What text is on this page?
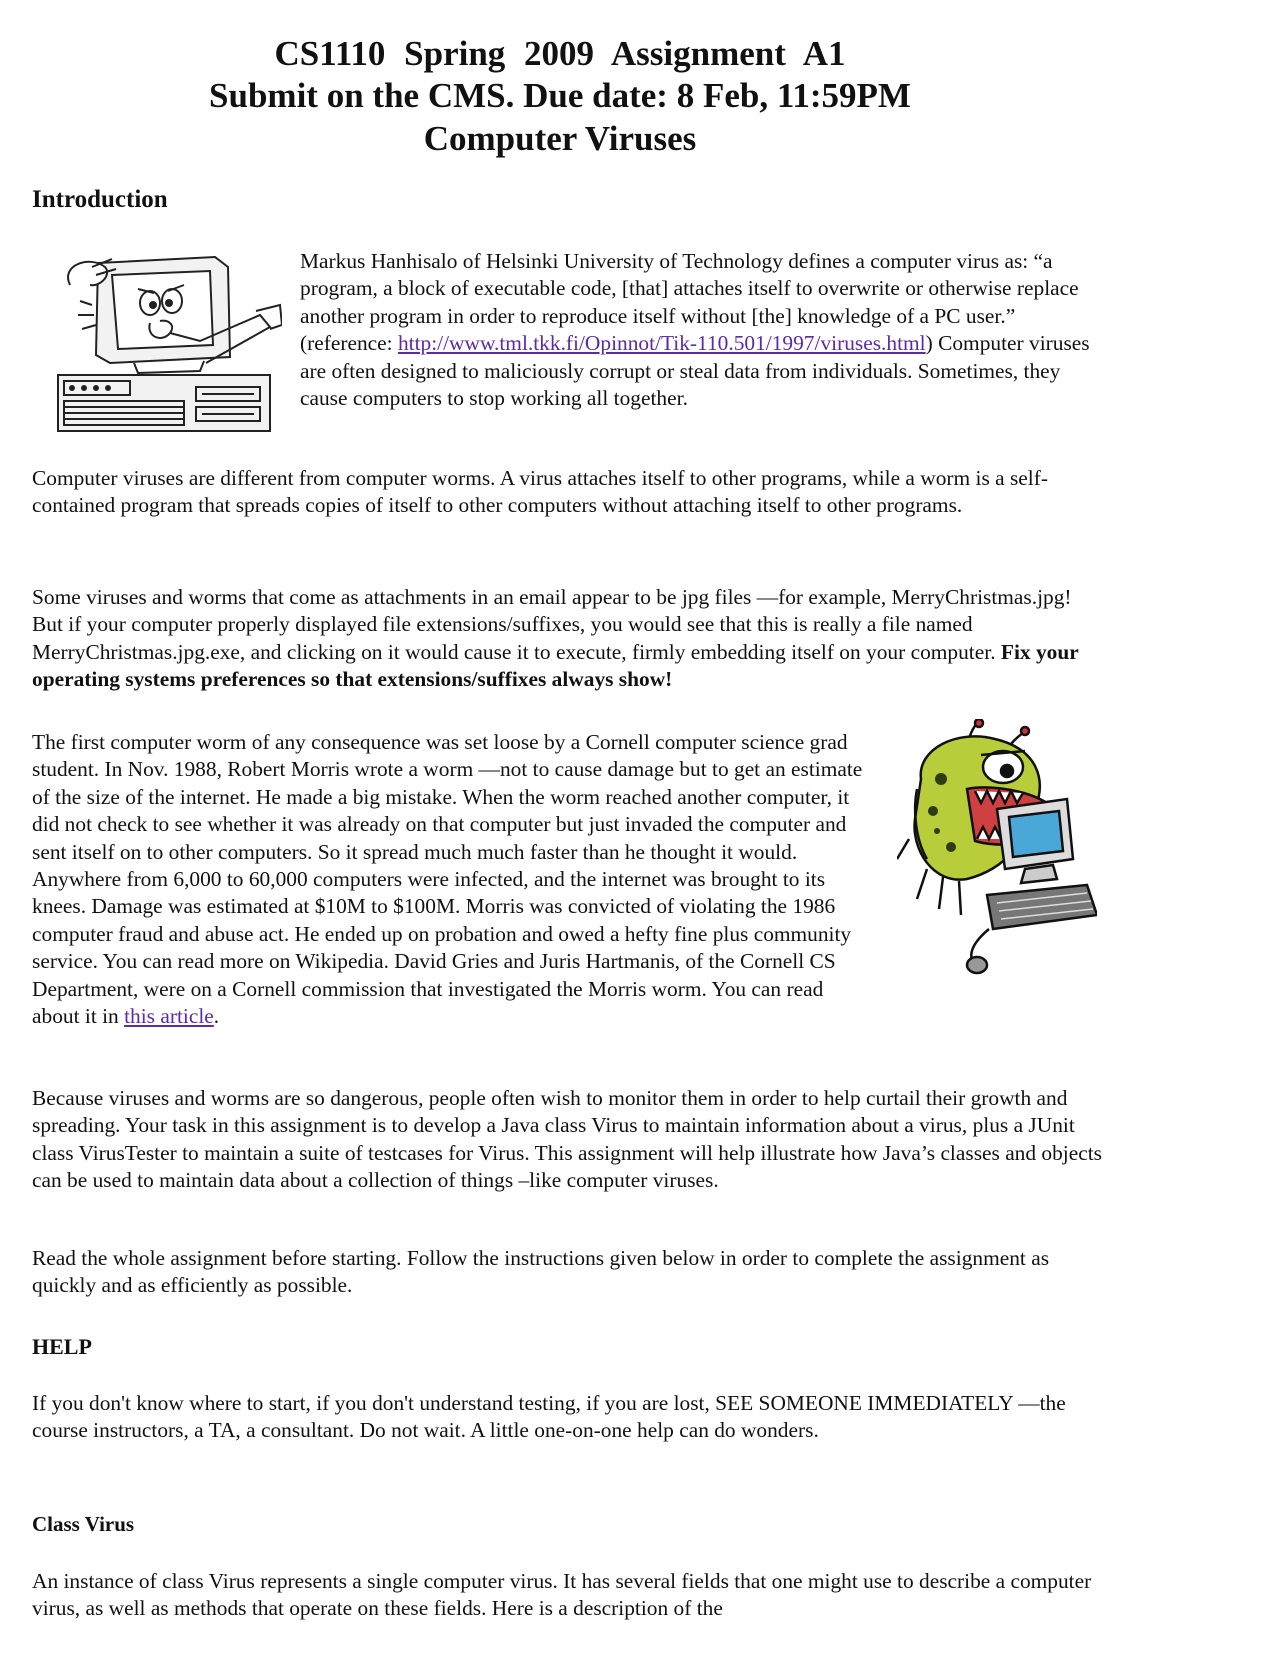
CS1110 Spring 2009 Assignment A1
Submit on the CMS. Due date: 8 Feb, 11:59PM
Computer Viruses
Introduction

Markus Hanhisalo of Helsinki University of Technology defines a computer virus as: “a program, a block of executable code, [that] attaches itself to overwrite or otherwise replace another program in order to reproduce itself without [the] knowledge of a PC user.” (reference: http://www.tml.tkk.fi/Opinnot/Tik-110.501/1997/viruses.html) Computer viruses are often designed to maliciously corrupt or steal data from individuals. Sometimes, they cause computers to stop working all together.

Computer viruses are different from computer worms. A virus attaches itself to other programs, while a worm is a self-contained program that spreads copies of itself to other computers without attaching itself to other programs.

Some viruses and worms that come as attachments in an email appear to be jpg files —for example, MerryChristmas.jpg! But if your computer properly displayed file extensions/suffixes, you would see that this is really a file named MerryChristmas.jpg.exe, and clicking on it would cause it to execute, firmly embedding itself on your computer. Fix your operating systems preferences so that extensions/suffixes always show!

The first computer worm of any consequence was set loose by a Cornell computer science grad student. In Nov. 1988, Robert Morris wrote a worm —not to cause damage but to get an estimate of the size of the internet. He made a big mistake. When the worm reached another computer, it did not check to see whether it was already on that computer but just invaded the computer and sent itself on to other computers. So it spread much much faster than he thought it would. Anywhere from 6,000 to 60,000 computers were infected, and the internet was brought to its knees. Damage was estimated at $10M to $100M. Morris was convicted of violating the 1986 computer fraud and abuse act. He ended up on probation and owed a hefty fine plus community service. You can read more on Wikipedia. David Gries and Juris Hartmanis, of the Cornell CS Department, were on a Cornell commission that investigated the Morris worm. You can read about it in this article.

Because viruses and worms are so dangerous, people often wish to monitor them in order to help curtail their growth and spreading. Your task in this assignment is to develop a Java class Virus to maintain information about a virus, plus a JUnit class VirusTester to maintain a suite of testcases for Virus. This assignment will help illustrate how Java’s classes and objects can be used to maintain data about a collection of things –like computer viruses.

Read the whole assignment before starting. Follow the instructions given below in order to complete the assignment as quickly and as efficiently as possible.

HELP

If you don't know where to start, if you don't understand testing, if you are lost, SEE SOMEONE IMMEDIATELY —the course instructors, a TA, a consultant. Do not wait. A little one-on-one help can do wonders.

Class Virus

An instance of class Virus represents a single computer virus. It has several fields that one might use to describe a computer virus, as well as methods that operate on these fields. Here is a description of the
